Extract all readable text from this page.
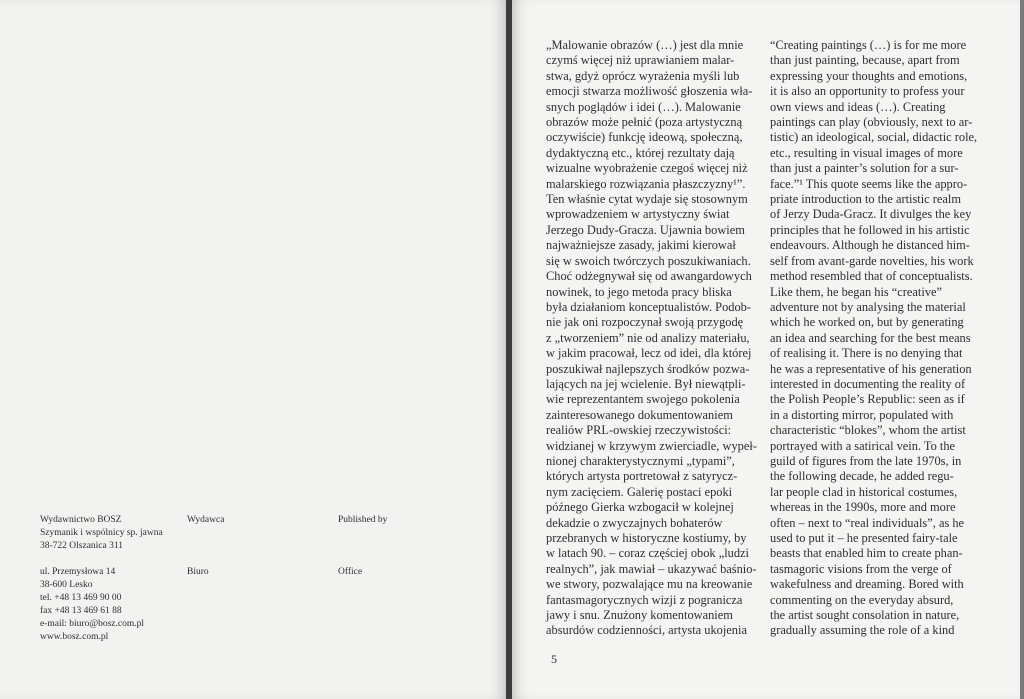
Wydawnictwo BOSZ
Szymanik i wspólnicy sp. jawna
38-722 Olszanica 311
ul. Przemysłowa 14
38-600 Lesko
tel. +48 13 469 90 00
fax +48 13 469 61 88
e-mail: biuro@bosz.com.pl
www.bosz.com.pl
Wydawca
Biuro
Published by
Office
„Malowanie obrazów (…) jest dla mnie
czymś więcej niż uprawianiem malar-
stwa, gdyż oprócz wyrażenia myśli lub
emocji stwarza możliwość głoszenia wła-
snych poglądów i idei (…). Malowanie
obrazów może pełnić (poza artystyczną
oczywiście) funkcję ideową, społeczną,
dydaktyczną etc., której rezultaty dają
wizualne wyobrażenie czegoś więcej niż
malarskiego rozwiązania płaszczyzny¹”.
Ten właśnie cytat wydaje się stosownym
wprowadzeniem w artystyczny świat
Jerzego Dudy-Gracza. Ujawnia bowiem
najważniejsze zasady, jakimi kierował
się w swoich twórczych poszukiwaniach.
Choć odżegnywał się od awangardowych
nowinek, to jego metoda pracy bliska
była działaniom konceptualistów. Podob-
nie jak oni rozpoczynał swoją przygodę
z „tworzeniem” nie od analizy materiału,
w jakim pracował, lecz od idei, dla której
poszukiwał najlepszych środków pozwa-
lających na jej wcielenie. Był niewątpli-
wie reprezentantem swojego pokolenia
zainteresowanego dokumentowaniem
realiów PRL-owskiej rzeczywistości:
widzianej w krzywym zwierciadle, wypeł-
nionej charakterystycznymi „typami”,
których artysta portretował z satyrycz-
nym zacięciem. Galerię postaci epoki
późnego Gierka wzbogacił w kolejnej
dekadzie o zwyczajnych bohaterów
przebranych w historyczne kostiumy, by
w latach 90. – coraz częściej obok „ludzi
realnych”, jak mawiał – ukazywać baśnio-
we stwory, pozwalające mu na kreowanie
fantasmagorycznych wizji z pogranicza
jawy i snu. Znużony komentowaniem
absurdów codzienności, artysta ukojenia
“Creating paintings (…) is for me more
than just painting, because, apart from
expressing your thoughts and emotions,
it is also an opportunity to profess your
own views and ideas (…). Creating
paintings can play (obviously, next to ar-
tistic) an ideological, social, didactic role,
etc., resulting in visual images of more
than just a painter’s solution for a sur-
face.”¹ This quote seems like the appro-
priate introduction to the artistic realm
of Jerzy Duda-Gracz. It divulges the key
principles that he followed in his artistic
endeavours. Although he distanced him-
self from avant-garde novelties, his work
method resembled that of conceptualists.
Like them, he began his “creative”
adventure not by analysing the material
which he worked on, but by generating
an idea and searching for the best means
of realising it. There is no denying that
he was a representative of his generation
interested in documenting the reality of
the Polish People’s Republic: seen as if
in a distorting mirror, populated with
characteristic “blokes”, whom the artist
portrayed with a satirical vein. To the
guild of figures from the late 1970s, in
the following decade, he added regu-
lar people clad in historical costumes,
whereas in the 1990s, more and more
often – next to “real individuals”, as he
used to put it – he presented fairy-tale
beasts that enabled him to create phan-
tasmagoric visions from the verge of
wakefulness and dreaming. Bored with
commenting on the everyday absurd,
the artist sought consolation in nature,
gradually assuming the role of a kind
5
